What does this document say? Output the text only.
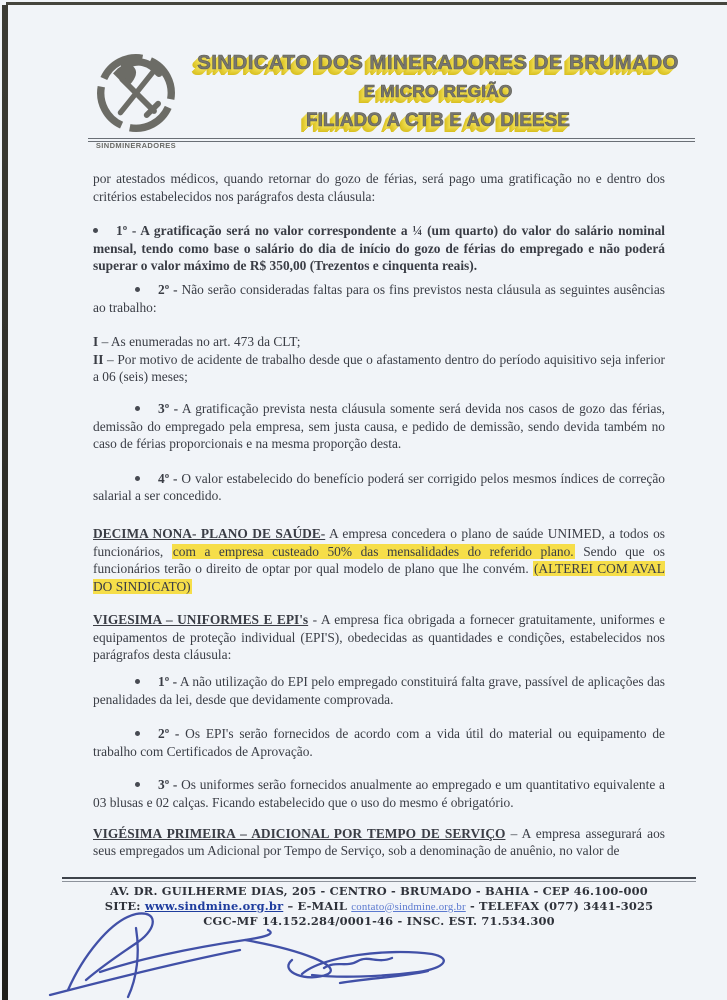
SINDMINERADORES
SINDICATO DOS MINERADORES DE BRUMADO
E MICRO REGIÃO
FILIADO A CTB E AO DIEESE

por atestados médicos, quando retornar do gozo de férias, será pago uma gratificação no e dentro dos critérios estabelecidos nos parágrafos desta cláusula:

1º - A gratificação será no valor correspondente a ¼ (um quarto) do valor do salário nominal mensal, tendo como base o salário do dia de início do gozo de férias do empregado e não poderá superar o valor máximo de R$ 350,00 (Trezentos e cinquenta reais).

2º - Não serão consideradas faltas para os fins previstos nesta cláusula as seguintes ausências ao trabalho:

I – As enumeradas no art. 473 da CLT;

II – Por motivo de acidente de trabalho desde que o afastamento dentro do período aquisitivo seja inferior a 06 (seis) meses;

3º - A gratificação prevista nesta cláusula somente será devida nos casos de gozo das férias, demissão do empregado pela empresa, sem justa causa, e pedido de demissão, sendo devida também no caso de férias proporcionais e na mesma proporção desta.

4º - O valor estabelecido do benefício poderá ser corrigido pelos mesmos índices de correção salarial a ser concedido.

DECIMA NONA- PLANO DE SAÚDE- A empresa concedera o plano de saúde UNIMED, a todos os funcionários, com a empresa custeado 50% das mensalidades do referido plano. Sendo que os funcionários terão o direito de optar por qual modelo de plano que lhe convém. (ALTEREI COM AVAL DO SINDICATO)

VIGESIMA – UNIFORMES E EPI's - A empresa fica obrigada a fornecer gratuitamente, uniformes e equipamentos de proteção individual (EPI'S), obedecidas as quantidades e condições, estabelecidos nos parágrafos desta cláusula:

1º - A não utilização do EPI pelo empregado constituirá falta grave, passível de aplicações das penalidades da lei, desde que devidamente comprovada.

2º - Os EPI's serão fornecidos de acordo com a vida útil do material ou equipamento de trabalho com Certificados de Aprovação.

3º - Os uniformes serão fornecidos anualmente ao empregado e um quantitativo equivalente a 03 blusas e 02 calças. Ficando estabelecido que o uso do mesmo é obrigatório.

VIGÉSIMA PRIMEIRA – ADICIONAL POR TEMPO DE SERVIÇO – A empresa assegurará aos seus empregados um Adicional por Tempo de Serviço, sob a denominação de anuênio, no valor de

AV. DR. GUILHERME DIAS, 205 - CENTRO - BRUMADO - BAHIA - CEP 46.100-000
SITE: www.sindmine.org.br – E-MAIL contato@sindmine.org.br - TELEFAX (077) 3441-3025
CGC-MF 14.152.284/0001-46 - INSC. EST. 71.534.300
